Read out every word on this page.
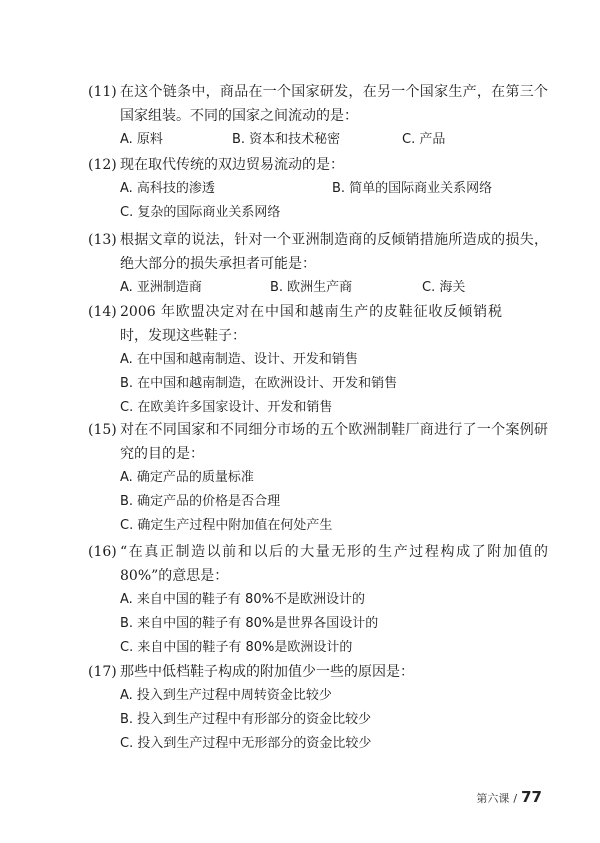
(11) 在这个链条中，商品在一个国家研发，在另一个国家生产，在第三个国家组装。不同的国家之间流动的是：
A. 原料	B. 资本和技术秘密	C. 产品
(12) 现在取代传统的双边贸易流动的是：
A. 高科技的渗透	B. 简单的国际商业关系网络
C. 复杂的国际商业关系网络
(13) 根据文章的说法，针对一个亚洲制造商的反倾销措施所造成的损失，绝大部分的损失承担者可能是：
A. 亚洲制造商	B. 欧洲生产商	C. 海关
(14) 2006 年欧盟决定对在中国和越南生产的皮鞋征收反倾销税时，发现这些鞋子：
A. 在中国和越南制造、设计、开发和销售
B. 在中国和越南制造，在欧洲设计、开发和销售
C. 在欧美许多国家设计、开发和销售
(15) 对在不同国家和不同细分市场的五个欧洲制鞋厂商进行了一个案例研究的目的是：
A. 确定产品的质量标准
B. 确定产品的价格是否合理
C. 确定生产过程中附加值在何处产生
(16) “在真正制造以前和以后的大量无形的生产过程构成了附加值的 80%”的意思是：
A. 来自中国的鞋子有 80%不是欧洲设计的
B. 来自中国的鞋子有 80%是世界各国设计的
C. 来自中国的鞋子有 80%是欧洲设计的
(17) 那些中低档鞋子构成的附加值少一些的原因是：
A. 投入到生产过程中周转资金比较少
B. 投入到生产过程中有形部分的资金比较少
C. 投入到生产过程中无形部分的资金比较少
第六课 / 77
